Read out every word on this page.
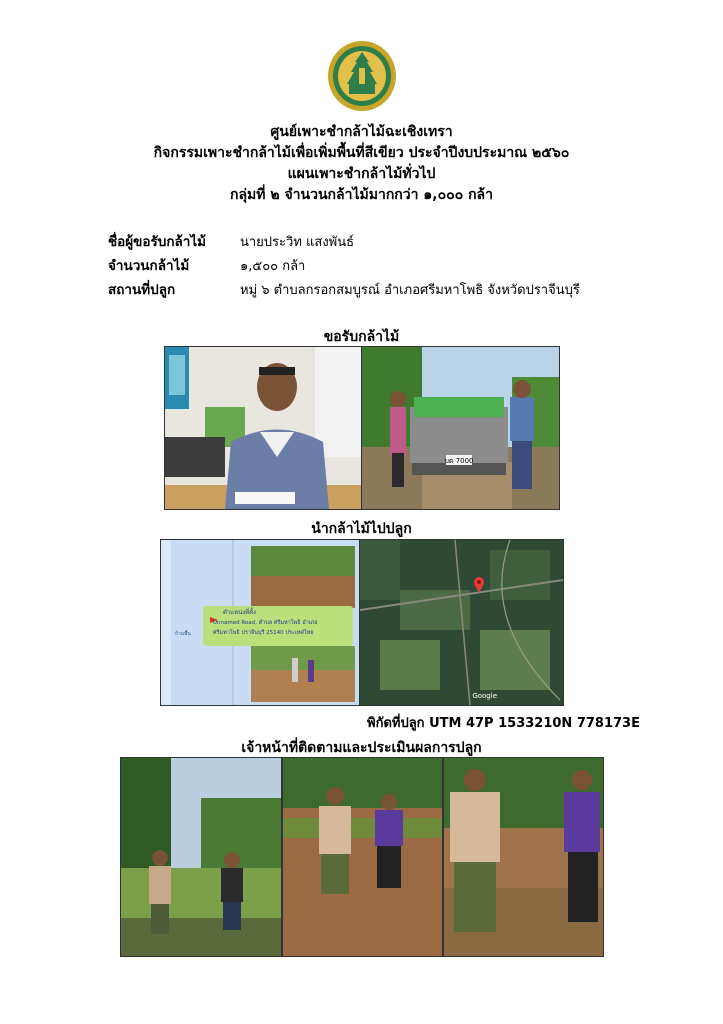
ศูนย์เพาะชำกล้าไม้ฉะเชิงเทรา
กิจกรรมเพาะชำกล้าไม้เพื่อเพิ่มพื้นที่สีเขียว ประจำปีงบประมาณ ๒๕๖๐
แผนเพาะชำกล้าไม้ทั่วไป
กลุ่มที่ ๒ จำนวนกล้าไม้มากกว่า ๑,๐๐๐ กล้า
ชื่อผู้ขอรับกล้าไม้	นายประวิท แสงพันธ์
จำนวนกล้าไม้	๑,๕๐๐ กล้า
สถานที่ปลูก	หมู่ ๖ ตำบลกรอกสมบูรณ์ อำเภอศรีมหาโพธิ จังหวัดปราจีนบุรี
ขอรับกล้าไม้
บต 7000
นำกล้าไม้ไปปลูก
ตำแหน่งที่ตั้ง
Unnamed Road, ตำบล ศรีมหาโพธิ อำเภอ
ศรีมหาโพธิ ปราจีนบุรี 25140 ประเทศไทย
ถ้ามพื้น
Google
พิกัดที่ปลูก UTM 47P 1533210N 778173E
เจ้าหน้าที่ติดตามและประเมินผลการปลูก
